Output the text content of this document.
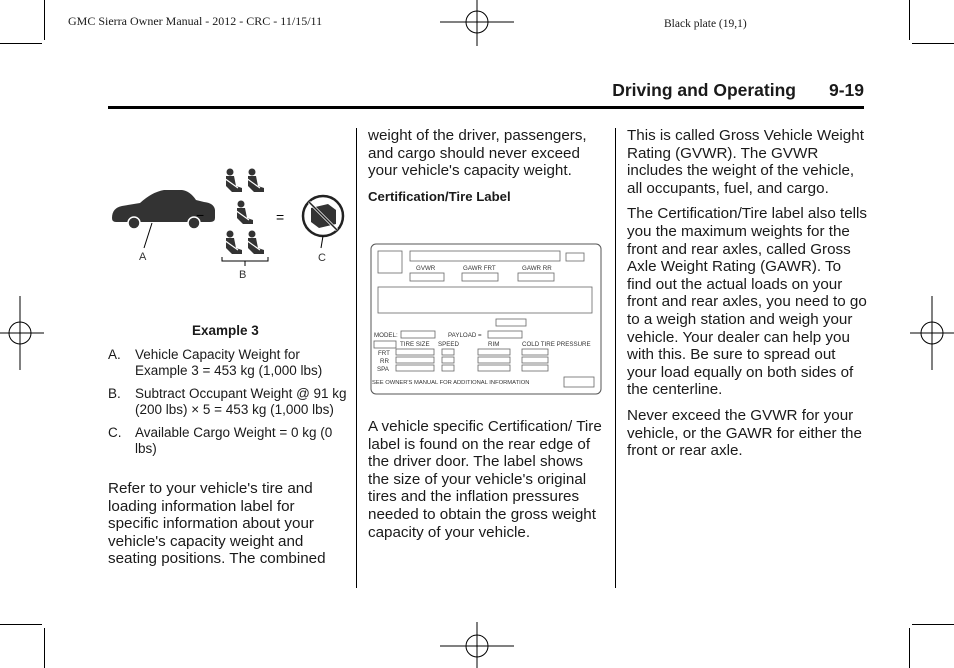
GMC Sierra Owner Manual - 2012 - CRC - 11/15/11	Black plate (19,1)
Driving and Operating 9-19
A
−
B
=
C
Example 3
A.	Vehicle Capacity Weight for Example 3 = 453 kg (1,000 lbs)
B.	Subtract Occupant Weight @ 91 kg (200 lbs) × 5 = 453 kg (1,000 lbs)
C.	Available Cargo Weight = 0 kg (0 lbs)

Refer to your vehicle's tire and loading information label for specific information about your vehicle's capacity weight and seating positions. The combined

weight of the driver, passengers, and cargo should never exceed your vehicle's capacity weight.

Certification/Tire Label
GVWR	GAWR FRT	GAWR RR
MODEL:	PAYLOAD =
TIRE SIZE SPEED	RIM	COLD TIRE PRESSURE
FRT
RR
SPA
SEE OWNER'S MANUAL FOR ADDITIONAL INFORMATION

A vehicle specific Certification/ Tire label is found on the rear edge of the driver door. The label shows the size of your vehicle's original tires and the inflation pressures needed to obtain the gross weight capacity of your vehicle.

This is called Gross Vehicle Weight Rating (GVWR). The GVWR includes the weight of the vehicle, all occupants, fuel, and cargo.

The Certification/Tire label also tells you the maximum weights for the front and rear axles, called Gross Axle Weight Rating (GAWR). To find out the actual loads on your front and rear axles, you need to go to a weigh station and weigh your vehicle. Your dealer can help you with this. Be sure to spread out your load equally on both sides of the centerline.

Never exceed the GVWR for your vehicle, or the GAWR for either the front or rear axle.
